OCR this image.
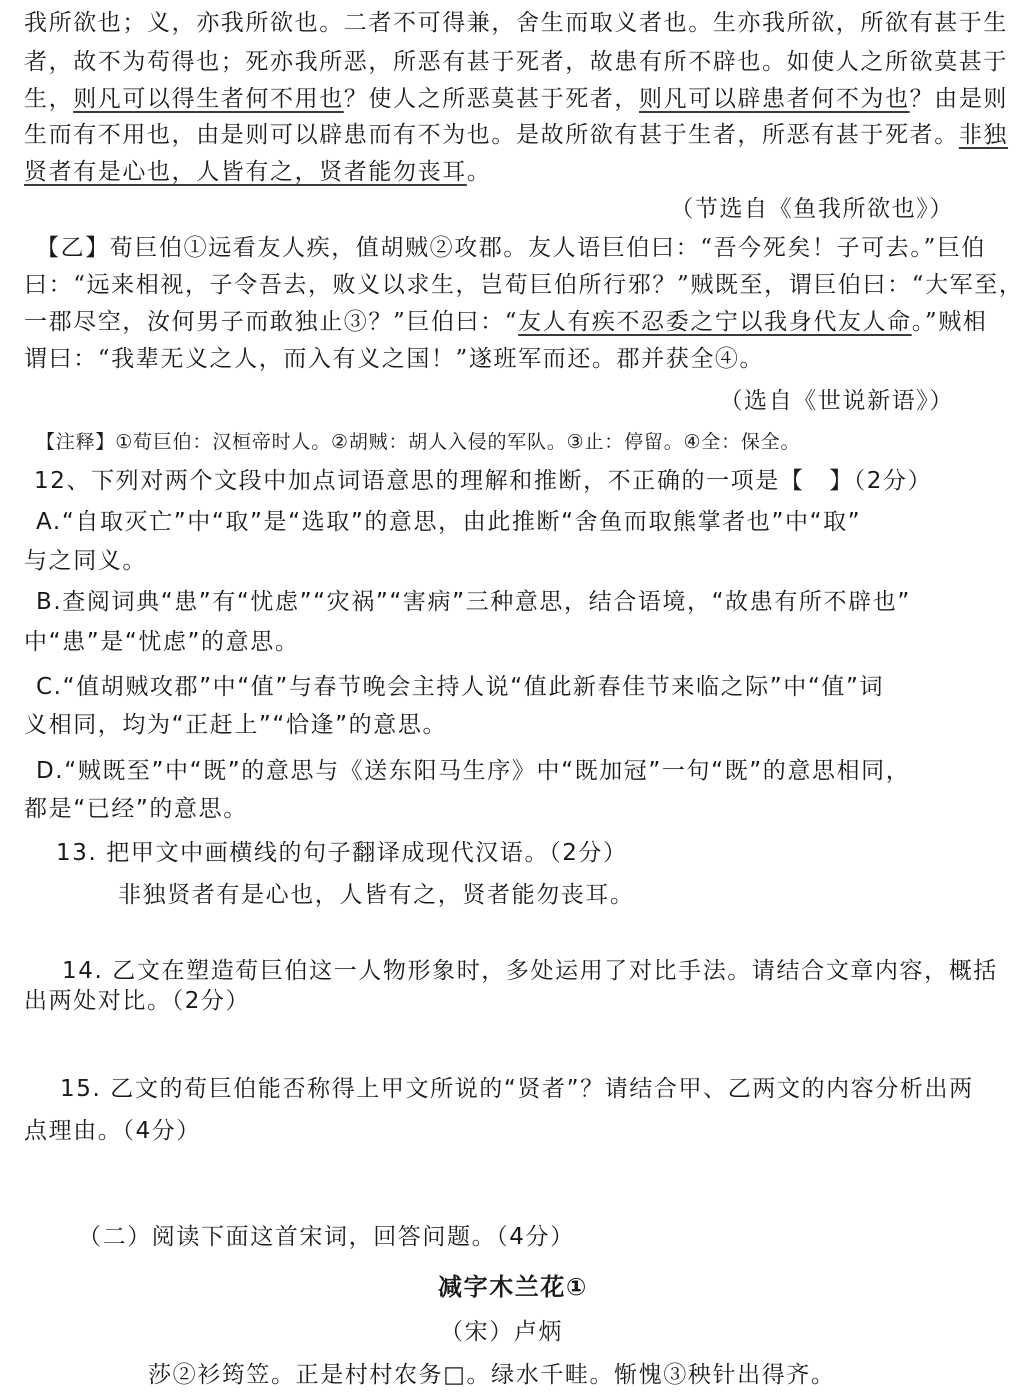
我所欲也；义，亦我所欲也。二者不可得兼，舍生而取义者也。生亦我所欲，所欲有甚于生
者，故不为苟得也；死亦我所恶，所恶有甚于死者，故患有所不辟也。如使人之所欲莫甚于
生，则凡可以得生者何不用也？使人之所恶莫甚于死者，则凡可以辟患者何不为也？由是则
生而有不用也，由是则可以辟患而有不为也。是故所欲有甚于生者，所恶有甚于死者。非独
贤者有是心也，人皆有之，贤者能勿丧耳。
（节选自《鱼我所欲也》）
【乙】荀巨伯①远看友人疾，值胡贼②攻郡。友人语巨伯曰：“吾今死矣！子可去。”巨伯
曰：“远来相视，子令吾去，败义以求生，岂荀巨伯所行邪？”贼既至，谓巨伯曰：“大军至，
一郡尽空，汝何男子而敢独止③？”巨伯曰：“友人有疾不忍委之宁以我身代友人命。”贼相
谓曰：“我辈无义之人，而入有义之国！”遂班军而还。郡并获全④。
（选自《世说新语》）
【注释】①荀巨伯：汉桓帝时人。②胡贼：胡人入侵的军队。③止：停留。④全：保全。
12、下列对两个文段中加点词语意思的理解和推断，不正确的一项是【　】（2分）
A.“自取灭亡”中“取”是“选取”的意思，由此推断“舍鱼而取熊掌者也”中“取”
与之同义。
B.查阅词典“患”有“忧虑”“灾祸”“害病”三种意思，结合语境，“故患有所不辟也”
中“患”是“忧虑”的意思。
C.“值胡贼攻郡”中“值”与春节晚会主持人说“值此新春佳节来临之际”中“值”词
义相同，均为“正赶上”“恰逢”的意思。
D.“贼既至”中“既”的意思与《送东阳马生序》中“既加冠”一句“既”的意思相同，
都是“已经”的意思。
13. 把甲文中画横线的句子翻译成现代汉语。（2分）
非独贤者有是心也，人皆有之，贤者能勿丧耳。
14. 乙文在塑造荀巨伯这一人物形象时，多处运用了对比手法。请结合文章内容，概括
出两处对比。（2分）
15. 乙文的荀巨伯能否称得上甲文所说的“贤者”？请结合甲、乙两文的内容分析出两
点理由。（4分）
（二）阅读下面这首宋词，回答问题。（4分）
减字木兰花①
（宋）卢炳
莎②衫筠笠。正是村村农务□。绿水千畦。惭愧③秧针出得齐。
